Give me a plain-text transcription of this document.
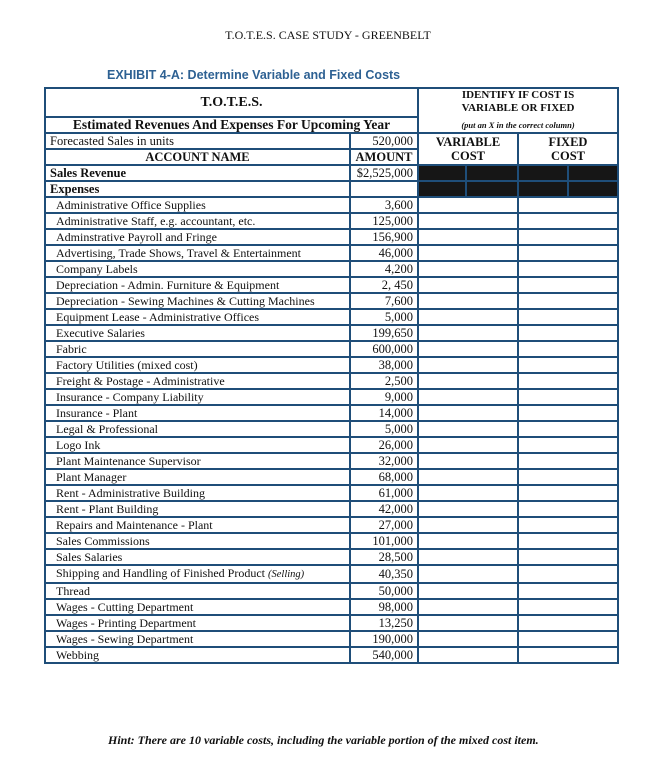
T.O.T.E.S. CASE STUDY - GREENBELT
EXHIBIT 4-A: Determine Variable and Fixed Costs
T.O.T.E.S.		IDENTIFY IF COST IS VARIABLE OR FIXED
(put an X in the correct column)			

Estimated Revenues And Expenses For Upcoming Year					
Forecasted Sales in units	520,000	VARIABLE COST		FIXED COST	
ACCOUNT NAME	AMOUNT				
Sales Revenue	$2,525,000				
Expenses					
Administrative Office Supplies	3,600				
Administrative Staff, e.g. accountant, etc.	125,000				
Adminstrative Payroll and Fringe	156,900				
Advertising, Trade Shows, Travel & Entertainment	46,000				
Company Labels	4,200				
Depreciation - Admin. Furniture & Equipment	2, 450				
Depreciation - Sewing Machines & Cutting Machines	7,600				
Equipment Lease - Administrative Offices	5,000				
Executive Salaries	199,650				
Fabric	600,000				
Factory Utilities (mixed cost)	38,000				
Freight & Postage - Administrative	2,500				
Insurance - Company Liability	9,000				
Insurance - Plant	14,000				
Legal & Professional	5,000				
Logo Ink	26,000				
Plant Maintenance Supervisor	32,000				
Plant Manager	68,000				
Rent - Administrative Building	61,000				
Rent - Plant Building	42,000				
Repairs and Maintenance - Plant	27,000				
Sales Commissions	101,000				
Sales Salaries	28,500				
Shipping and Handling of Finished Product (Selling)	40,350				
Thread	50,000				
Wages - Cutting Department	98,000				
Wages - Printing Department	13,250				
Wages - Sewing Department	190,000				
Webbing	540,000				
Hint: There are 10 variable costs, including the variable portion of the mixed cost item.
